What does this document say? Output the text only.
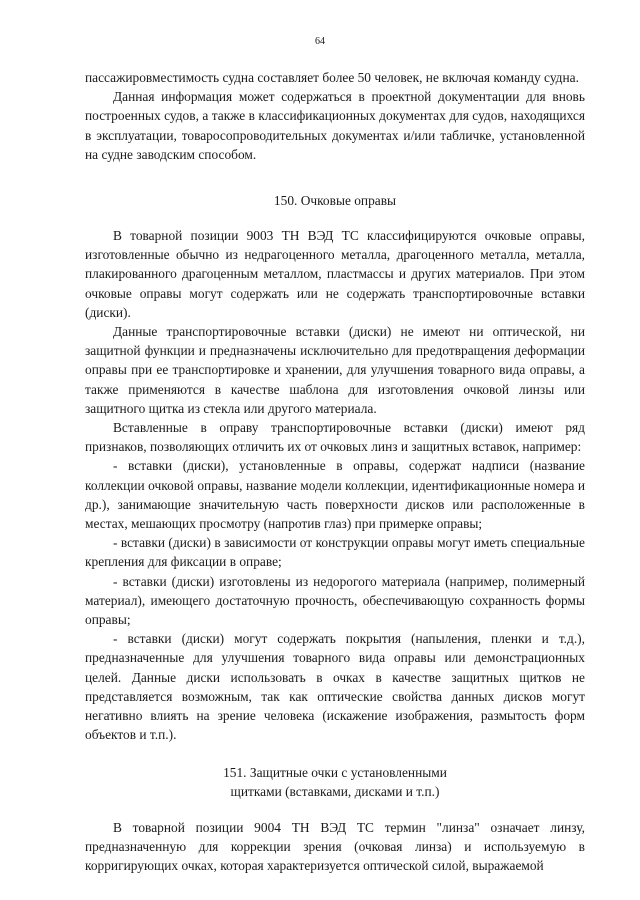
64

пассажировместимость судна составляет более 50 человек, не включая команду судна.

Данная информация может содержаться в проектной документации для вновь построенных судов, а также в классификационных документах для судов, находящихся в эксплуатации, товаросопроводительных документах и/или табличке, установленной на судне заводским способом.

150. Очковые оправы

В товарной позиции 9003 ТН ВЭД ТС классифицируются очковые оправы, изготовленные обычно из недрагоценного металла, драгоценного металла, металла, плакированного драгоценным металлом, пластмассы и других материалов. При этом очковые оправы могут содержать или не содержать транспортировочные вставки (диски).

Данные транспортировочные вставки (диски) не имеют ни оптической, ни защитной функции и предназначены исключительно для предотвращения деформации оправы при ее транспортировке и хранении, для улучшения товарного вида оправы, а также применяются в качестве шаблона для изготовления очковой линзы или защитного щитка из стекла или другого материала.

Вставленные в оправу транспортировочные вставки (диски) имеют ряд признаков, позволяющих отличить их от очковых линз и защитных вставок, например:

- вставки (диски), установленные в оправы, содержат надписи (название коллекции очковой оправы, название модели коллекции, идентификационные номера и др.), занимающие значительную часть поверхности дисков или расположенные в местах, мешающих просмотру (напротив глаз) при примерке оправы;

- вставки (диски) в зависимости от конструкции оправы могут иметь специальные крепления для фиксации в оправе;

- вставки (диски) изготовлены из недорогого материала (например, полимерный материал), имеющего достаточную прочность, обеспечивающую сохранность формы оправы;

- вставки (диски) могут содержать покрытия (напыления, пленки и т.д.), предназначенные для улучшения товарного вида оправы или демонстрационных целей. Данные диски использовать в очках в качестве защитных щитков не представляется возможным, так как оптические свойства данных дисков могут негативно влиять на зрение человека (искажение изображения, размытость форм объектов и т.п.).

151. Защитные очки с установленными
щитками (вставками, дисками и т.п.)

В товарной позиции 9004 ТН ВЭД ТС термин "линза" означает линзу, предназначенную для коррекции зрения (очковая линза) и используемую в корригирующих очках, которая характеризуется оптической силой, выражаемой
